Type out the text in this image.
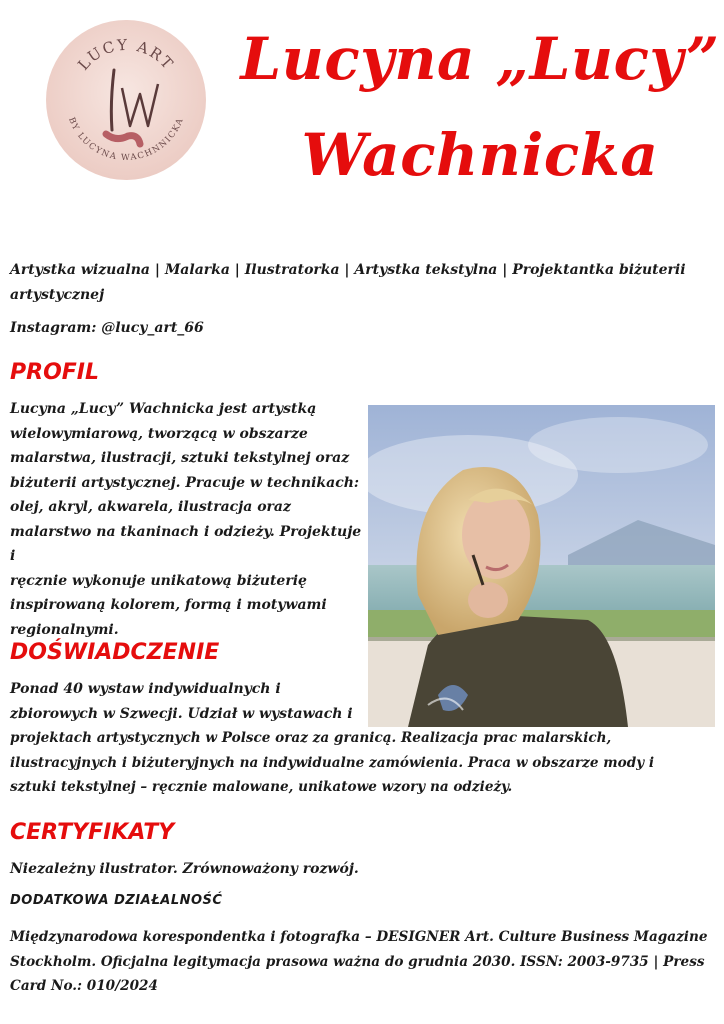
LUCY ART
BY LUCYNA WACHNNICKA
Lucyna „Lucy”
Wachnicka

Artystka wizualna | Malarka | Ilustratorka | Artystka tekstylna | Projektantka biżuterii artystycznej

Instagram: @lucy_art_66

PROFIL

Lucyna „Lucy” Wachnicka jest artystką

wielowymiarową, tworzącą w obszarze

malarstwa, ilustracji, sztuki tekstylnej oraz

biżuterii artystycznej. Pracuje w technikach:

olej, akryl, akwarela, ilustracja oraz

malarstwo na tkaninach i odzieży. Projektuje i

ręcznie wykonuje unikatową biżuterię

inspirowaną kolorem, formą i motywami

regionalnymi.

DOŚWIADCZENIE

Ponad 40 wystaw indywidualnych i

zbiorowych w Szwecji. Udział w wystawach i

projektach artystycznych w Polsce oraz za granicą. Realizacja prac malarskich,

ilustracyjnych i biżuteryjnych na indywidualne zamówienia. Praca w obszarze mody i

sztuki tekstylnej – ręcznie malowane, unikatowe wzory na odzieży.

CERTYFIKATY

Niezależny ilustrator. Zrównoważony rozwój.

DODATKOWA DZIAŁALNOŚĆ

Międzynarodowa korespondentka i fotografka – DESIGNER Art. Culture Business Magazine

Stockholm. Oficjalna legitymacja prasowa ważna do grudnia 2030. ISSN: 2003-9735 | Press

Card No.: 010/2024
